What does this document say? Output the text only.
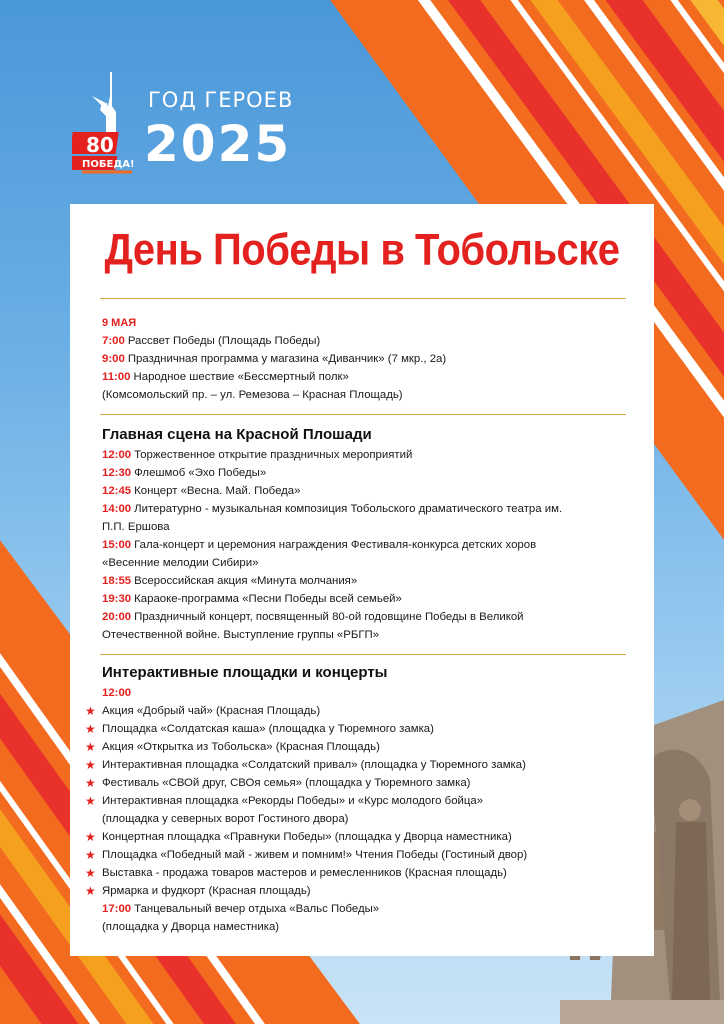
80
ПОБЕДА!
ГОД ГЕРОЕВ
2025
День Победы в Тобольске
9 МАЯ
7:00 Рассвет Победы (Площадь Победы)
9:00 Праздничная программа у магазина «Диванчик» (7 мкр., 2а)
11:00 Народное шествие «Бессмертный полк»
(Комсомольский пр. – ул. Ремезова – Красная Площадь)
Главная сцена на Красной Плошади
12:00 Торжественное открытие праздничных мероприятий
12:30 Флешмоб «Эхо Победы»
12:45 Концерт «Весна. Май. Победа»
14:00 Литературно - музыкальная композиция Тобольского драматического театра им.
П.П. Ершова
15:00 Гала-концерт и церемония награждения Фестиваля-конкурса детских хоров
«Весенние мелодии Сибири»
18:55 Всероссийская акция «Минута молчания»
19:30 Караоке-программа «Песни Победы всей семьей»
20:00 Праздничный концерт, посвященный 80-ой годовщине Победы в Великой
Отечественной войне. Выступление группы «РБГП»
Интерактивные площадки и концерты
12:00
★ Акция «Добрый чай» (Красная Площадь)
★ Площадка «Солдатская каша» (площадка у Тюремного замка)
★ Акция «Открытка из Тобольска» (Красная Площадь)
★ Интерактивная площадка «Солдатский привал» (площадка у Тюремного замка)
★ Фестиваль «СВОй друг, СВОя семья» (площадка у Тюремного замка)
★ Интерактивная площадка «Рекорды Победы» и «Курс молодого бойца»
(площадка у северных ворот Гостиного двора)
★ Концертная площадка «Правнуки Победы» (площадка у Дворца наместника)
★ Площадка «Победный май - живем и помним!» Чтения Победы (Гостиный двор)
★ Выставка - продажа товаров мастеров и ремесленников (Красная площадь)
★ Ярмарка и фудкорт (Красная площадь)
17:00 Танцевальный вечер отдыха «Вальс Победы»
(площадка у Дворца наместника)
